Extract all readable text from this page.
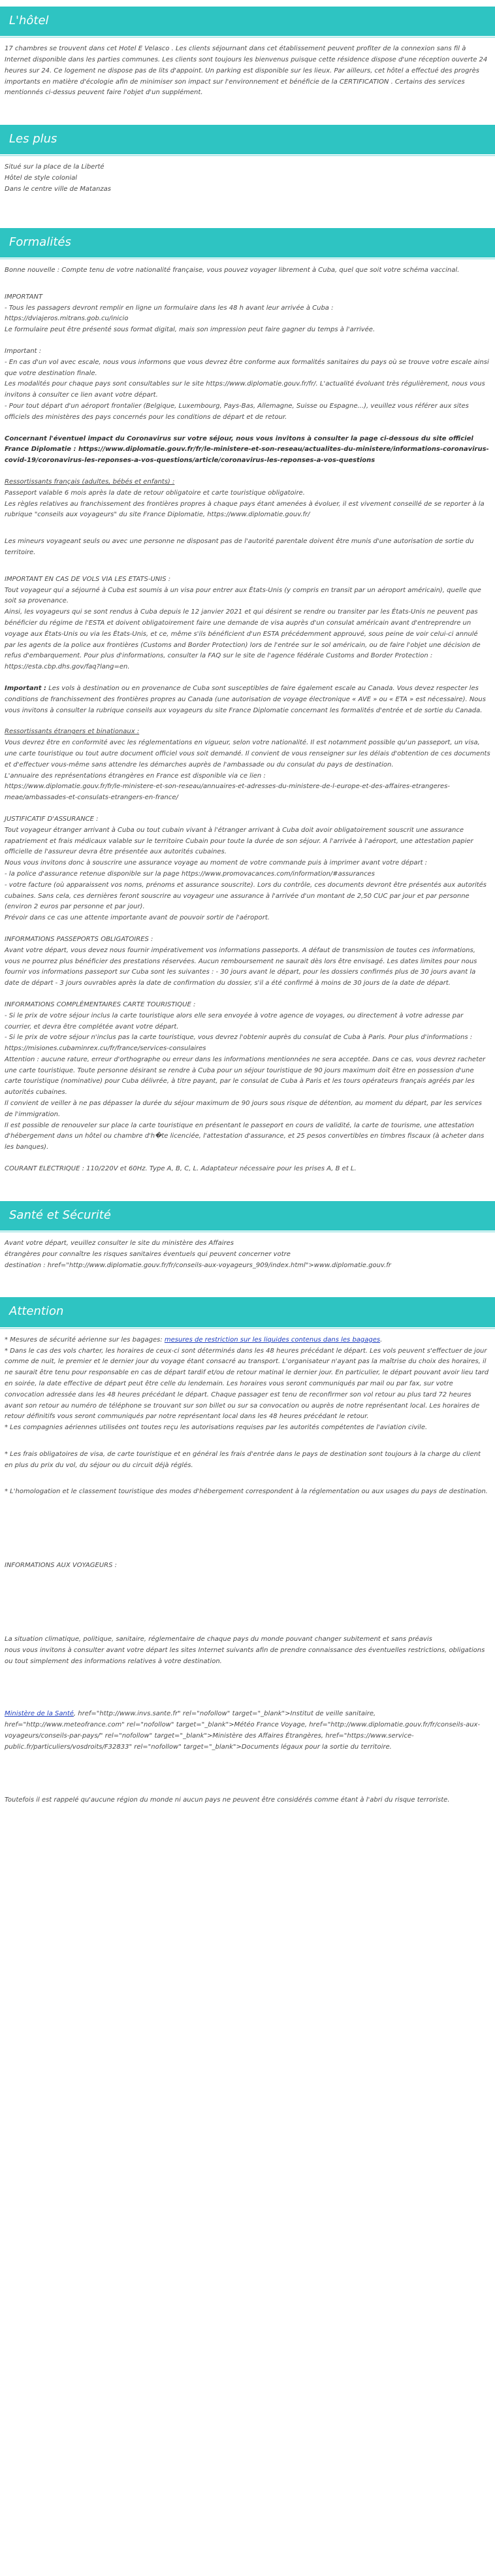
L'hôtel

17 chambres se trouvent dans cet Hotel E Velasco . Les clients séjournant dans cet établissement peuvent profiter de la connexion sans fil à Internet disponible dans les parties communes. Les clients sont toujours les bienvenus puisque cette résidence dispose d'une réception ouverte 24 heures sur 24. Ce logement ne dispose pas de lits d'appoint. Un parking est disponible sur les lieux. Par ailleurs, cet hôtel a effectué des progrès importants en matière d'écologie afin de minimiser son impact sur l'environnement et bénéficie de la CERTIFICATION . Certains des services mentionnés ci-dessus peuvent faire l'objet d'un supplément.

Les plus

Situé sur la place de la Liberté

Hôtel de style colonial

Dans le centre ville de Matanzas

Formalités

Bonne nouvelle : Compte tenu de votre nationalité française, vous pouvez voyager librement à Cuba, quel que soit votre schéma vaccinal.

IMPORTANT

- Tous les passagers devront remplir en ligne un formulaire dans les 48 h avant leur arrivée à Cuba :

https://dviajeros.mitrans.gob.cu/inicio

Le formulaire peut être présenté sous format digital, mais son impression peut faire gagner du temps à l'arrivée.

Important :

- En cas d'un vol avec escale, nous vous informons que vous devrez être conforme aux formalités sanitaires du pays où se trouve votre escale ainsi que votre destination finale.

Les modalités pour chaque pays sont consultables sur le site https://www.diplomatie.gouv.fr/fr/. L'actualité évoluant très régulièrement, nous vous invitons à consulter ce lien avant votre départ.

- Pour tout départ d'un aéroport frontalier (Belgique, Luxembourg, Pays-Bas, Allemagne, Suisse ou Espagne...), veuillez vous référer aux sites officiels des ministères des pays concernés pour les conditions de départ et de retour.

Concernant l'éventuel impact du Coronavirus sur votre séjour, nous vous invitons à consulter la page ci-dessous du site officiel France Diplomatie : https://www.diplomatie.gouv.fr/fr/le-ministere-et-son-reseau/actualites-du-ministere/informations-coronavirus-covid-19/coronavirus-les-reponses-a-vos-questions/article/coronavirus-les-reponses-a-vos-questions

Ressortissants français (adultes, bébés et enfants) :

Passeport valable 6 mois après la date de retour obligatoire et carte touristique obligatoire.

Les règles relatives au franchissement des frontières propres à chaque pays étant amenées à évoluer, il est vivement conseillé de se reporter à la rubrique "conseils aux voyageurs" du site France Diplomatie, https://www.diplomatie.gouv.fr/

Les mineurs voyageant seuls ou avec une personne ne disposant pas de l'autorité parentale doivent être munis d'une autorisation de sortie du territoire.

IMPORTANT EN CAS DE VOLS VIA LES ETATS-UNIS :

Tout voyageur qui a séjourné à Cuba est soumis à un visa pour entrer aux États-Unis (y compris en transit par un aéroport américain), quelle que soit sa provenance.

Ainsi, les voyageurs qui se sont rendus à Cuba depuis le 12 janvier 2021 et qui désirent se rendre ou transiter par les États-Unis ne peuvent pas bénéficier du régime de l'ESTA et doivent obligatoirement faire une demande de visa auprès d'un consulat américain avant d'entreprendre un voyage aux États-Unis ou via les États-Unis, et ce, même s'ils bénéficient d'un ESTA précédemment approuvé, sous peine de voir celui-ci annulé par les agents de la police aux frontières (Customs and Border Protection) lors de l'entrée sur le sol américain, ou de faire l'objet une décision de refus d'embarquement. Pour plus d'informations, consulter la FAQ sur le site de l'agence fédérale Customs and Border Protection : https://esta.cbp.dhs.gov/faq?lang=en.

Important : Les vols à destination ou en provenance de Cuba sont susceptibles de faire également escale au Canada. Vous devez respecter les conditions de franchissement des frontières propres au Canada (une autorisation de voyage électronique « AVE » ou « ETA » est nécessaire). Nous vous invitons à consulter la rubrique conseils aux voyageurs du site France Diplomatie concernant les formalités d'entrée et de sortie du Canada.

Ressortissants étrangers et binationaux :

Vous devrez être en conformité avec les réglementations en vigueur, selon votre nationalité. Il est notamment possible qu'un passeport, un visa, une carte touristique ou tout autre document officiel vous soit demandé. Il convient de vous renseigner sur les délais d'obtention de ces documents et d'effectuer vous-même sans attendre les démarches auprès de l'ambassade ou du consulat du pays de destination.

L'annuaire des représentations étrangères en France est disponible via ce lien :

https://www.diplomatie.gouv.fr/fr/le-ministere-et-son-reseau/annuaires-et-adresses-du-ministere-de-l-europe-et-des-affaires-etrangeres-meae/ambassades-et-consulats-etrangers-en-france/

JUSTIFICATIF D'ASSURANCE :

Tout voyageur étranger arrivant à Cuba ou tout cubain vivant à l'étranger arrivant à Cuba doit avoir obligatoirement souscrit une assurance rapatriement et frais médicaux valable sur le territoire Cubain pour toute la durée de son séjour. A l'arrivée à l'aéroport, une attestation papier officielle de l'assureur devra être présentée aux autorités cubaines.

Nous vous invitons donc à souscrire une assurance voyage au moment de votre commande puis à imprimer avant votre départ :

- la police d'assurance retenue disponible sur la page https://www.promovacances.com/information/#assurances

- votre facture (où apparaissent vos noms, prénoms et assurance souscrite). Lors du contrôle, ces documents devront être présentés aux autorités cubaines. Sans cela, ces dernières feront souscrire au voyageur une assurance à l'arrivée d'un montant de 2,50 CUC par jour et par personne (environ 2 euros par personne et par jour).

Prévoir dans ce cas une attente importante avant de pouvoir sortir de l'aéroport.

INFORMATIONS PASSEPORTS OBLIGATOIRES :

Avant votre départ, vous devez nous fournir impérativement vos informations passeports. A défaut de transmission de toutes ces informations, vous ne pourrez plus bénéficier des prestations réservées. Aucun remboursement ne saurait dès lors être envisagé. Les dates limites pour nous fournir vos informations passeport sur Cuba sont les suivantes : - 30 jours avant le départ, pour les dossiers confirmés plus de 30 jours avant la date de départ - 3 jours ouvrables après la date de confirmation du dossier, s'il a été confirmé à moins de 30 jours de la date de départ.

INFORMATIONS COMPLÉMENTAIRES CARTE TOURISTIQUE :

- Si le prix de votre séjour inclus la carte touristique alors elle sera envoyée à votre agence de voyages, ou directement à votre adresse par courrier, et devra être complétée avant votre départ.

- Si le prix de votre séjour n'inclus pas la carte touristique, vous devrez l'obtenir auprès du consulat de Cuba à Paris. Pour plus d'informations : https://misiones.cubaminrex.cu/fr/france/services-consulaires

Attention : aucune rature, erreur d'orthographe ou erreur dans les informations mentionnées ne sera acceptée. Dans ce cas, vous devrez racheter une carte touristique. Toute personne désirant se rendre à Cuba pour un séjour touristique de 90 jours maximum doit être en possession d'une carte touristique (nominative) pour Cuba délivrée, à titre payant, par le consulat de Cuba à Paris et les tours opérateurs français agréés par les autorités cubaines.

Il convient de veiller à ne pas dépasser la durée du séjour maximum de 90 jours sous risque de détention, au moment du départ, par les services de l'immigration.

Il est possible de renouveler sur place la carte touristique en présentant le passeport en cours de validité, la carte de tourisme, une attestation d'hébergement dans un hôtel ou chambre d'h�te licenciée, l'attestation d'assurance, et 25 pesos convertibles en timbres fiscaux (à acheter dans les banques).

COURANT ELECTRIQUE : 110/220V et 60Hz. Type A, B, C, L. Adaptateur nécessaire pour les prises A, B et L.

Santé et Sécurité

Avant votre départ, veuillez consulter le site du ministère des Affaires

étrangères pour connaître les risques sanitaires éventuels qui peuvent concerner votre

destination : href="http://www.diplomatie.gouv.fr/fr/conseils-aux-voyageurs_909/index.html">www.diplomatie.gouv.fr

Attention

* Mesures de sécurité aérienne sur les bagages: mesures de restriction sur les liquides contenus dans les bagages.

* Dans le cas des vols charter, les horaires de ceux-ci sont déterminés dans les 48 heures précédant le départ. Les vols peuvent s'effectuer de jour comme de nuit, le premier et le dernier jour du voyage étant consacré au transport. L'organisateur n'ayant pas la maîtrise du choix des horaires, il ne saurait être tenu pour responsable en cas de départ tardif et/ou de retour matinal le dernier jour. En particulier, le départ pouvant avoir lieu tard en soirée, la date effective de départ peut être celle du lendemain. Les horaires vous seront communiqués par mail ou par fax, sur votre convocation adressée dans les 48 heures précédant le départ. Chaque passager est tenu de reconfirmer son vol retour au plus tard 72 heures avant son retour au numéro de téléphone se trouvant sur son billet ou sur sa convocation ou auprès de notre représentant local. Les horaires de retour définitifs vous seront communiqués par notre représentant local dans les 48 heures précédant le retour.

* Les compagnies aériennes utilisées ont toutes reçu les autorisations requises par les autorités compétentes de l'aviation civile.

* Les frais obligatoires de visa, de carte touristique et en général les frais d'entrée dans le pays de destination sont toujours à la charge du client en plus du prix du vol, du séjour ou du circuit déjà réglés.

* L'homologation et le classement touristique des modes d'hébergement correspondent à la réglementation ou aux usages du pays de destination.

INFORMATIONS AUX VOYAGEURS :

La situation climatique, politique, sanitaire, réglementaire de chaque pays du monde pouvant changer subitement et sans préavis

nous vous invitons à consulter avant votre départ les sites Internet suivants afin de prendre connaissance des éventuelles restrictions, obligations ou tout simplement des informations relatives à votre destination.

Ministère de la Santé, href="http://www.invs.sante.fr" rel="nofollow" target="_blank">Institut de veille sanitaire, href="http://www.meteofrance.com" rel="nofollow" target="_blank">Météo France Voyage, href="http://www.diplomatie.gouv.fr/fr/conseils-aux-voyageurs/conseils-par-pays/" rel="nofollow" target="_blank">Ministère des Affaires Étrangères, href="https://www.service-public.fr/particuliers/vosdroits/F32833" rel="nofollow" target="_blank">Documents légaux pour la sortie du territoire.

Toutefois il est rappelé qu'aucune région du monde ni aucun pays ne peuvent être considérés comme étant à l'abri du risque terroriste.
